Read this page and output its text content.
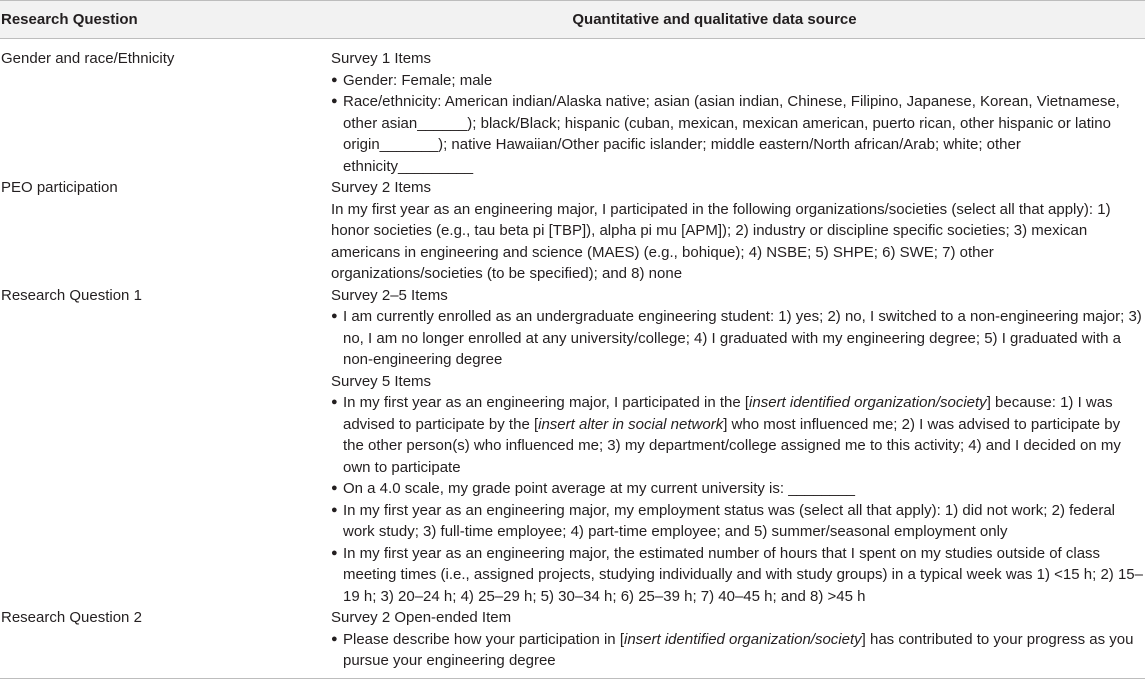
Research Question	Quantitative and qualitative data source
Gender and race/Ethnicity	Survey 1 Items
● Gender: Female; male
● Race/ethnicity: American indian/Alaska native; asian (asian indian, Chinese, Filipino, Japanese, Korean, Vietnamese, other asian______); black/Black; hispanic (cuban, mexican, mexican american, puerto rican, other hispanic or latino origin_______); native Hawaiian/Other pacific islander; middle eastern/North african/Arab; white; other ethnicity_________
PEO participation	Survey 2 Items
In my first year as an engineering major, I participated in the following organizations/societies (select all that apply): 1) honor societies (e.g., tau beta pi [TBP]), alpha pi mu [APM]); 2) industry or discipline specific societies; 3) mexican americans in engineering and science (MAES) (e.g., bohique); 4) NSBE; 5) SHPE; 6) SWE; 7) other organizations/societies (to be specified); and 8) none
Research Question 1	Survey 2–5 Items
● I am currently enrolled as an undergraduate engineering student: 1) yes; 2) no, I switched to a non-engineering major; 3) no, I am no longer enrolled at any university/college; 4) I graduated with my engineering degree; 5) I graduated with a non-engineering degree
Survey 5 Items
● In my first year as an engineering major, I participated in the [insert identified organization/society] because: 1) I was advised to participate by the [insert alter in social network] who most influenced me; 2) I was advised to participate by the other person(s) who influenced me; 3) my department/college assigned me to this activity; 4) and I decided on my own to participate
● On a 4.0 scale, my grade point average at my current university is: ________
● In my first year as an engineering major, my employment status was (select all that apply): 1) did not work; 2) federal work study; 3) full-time employee; 4) part-time employee; and 5) summer/seasonal employment only
● In my first year as an engineering major, the estimated number of hours that I spent on my studies outside of class meeting times (i.e., assigned projects, studying individually and with study groups) in a typical week was 1) <15 h; 2) 15–19 h; 3) 20–24 h; 4) 25–29 h; 5) 30–34 h; 6) 25–39 h; 7) 40–45 h; and 8) >45 h
Research Question 2	Survey 2 Open-ended Item
● Please describe how your participation in [insert identified organization/society] has contributed to your progress as you pursue your engineering degree
